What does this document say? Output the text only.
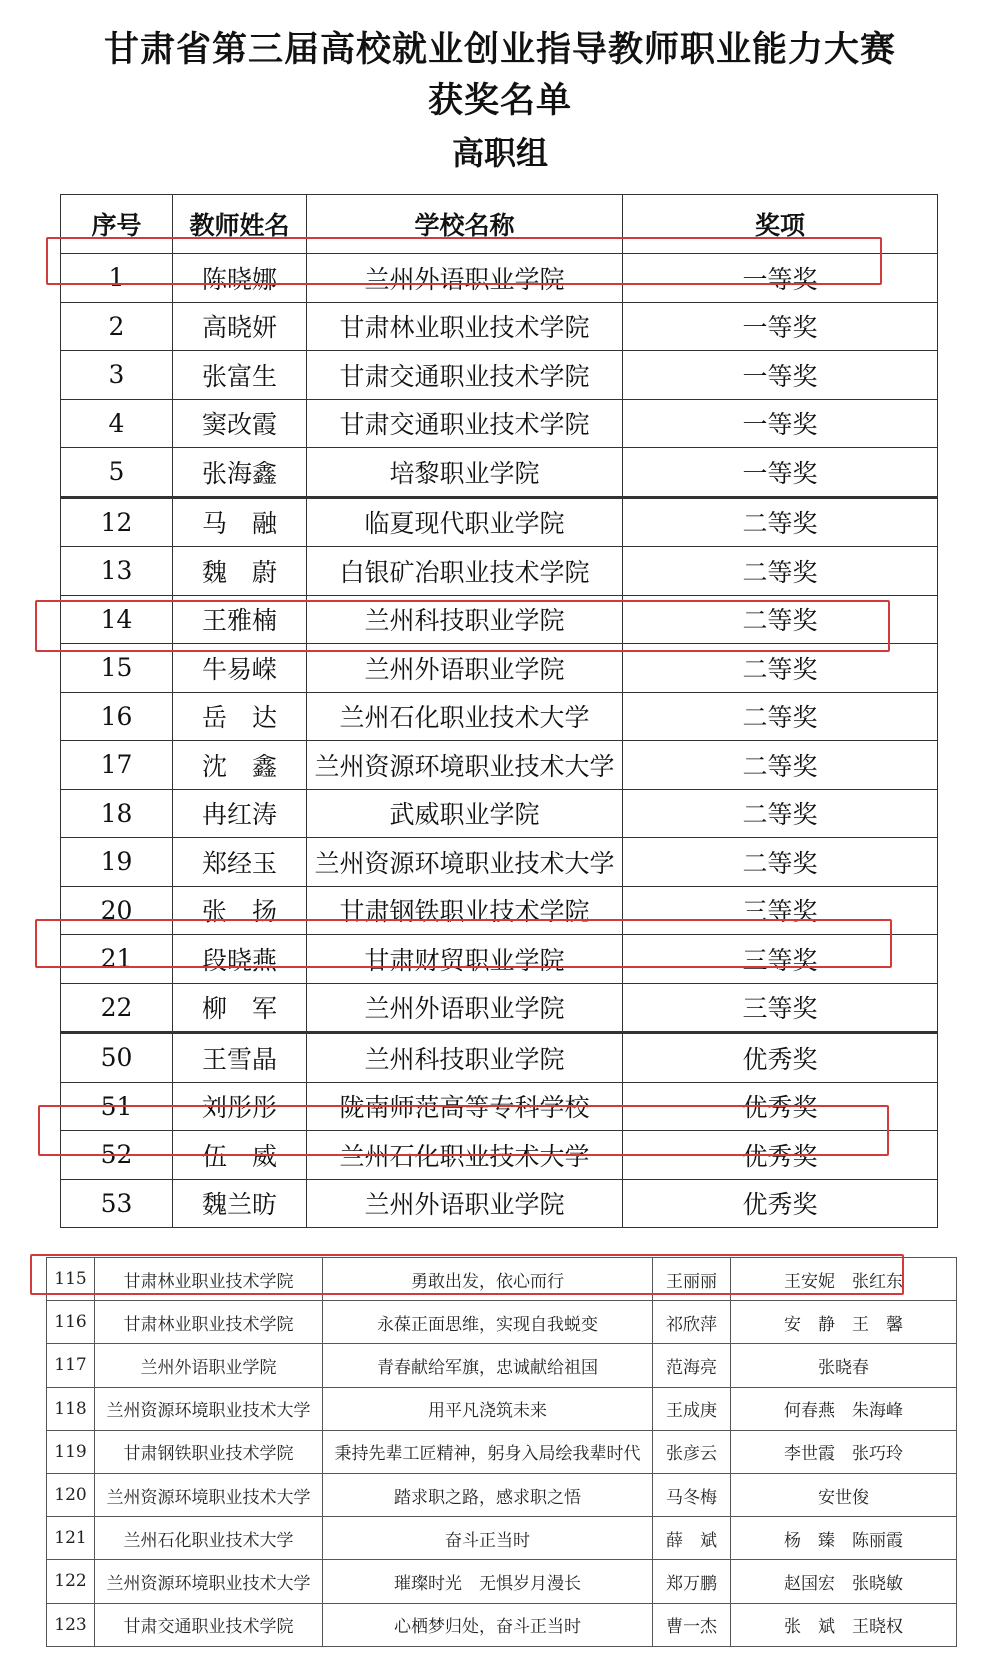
甘肃省第三届高校就业创业指导教师职业能力大赛
获奖名单
高职组
序号	教师姓名	学校名称	奖项
1	陈晓娜	兰州外语职业学院	一等奖
2	高晓妍	甘肃林业职业技术学院	一等奖
3	张富生	甘肃交通职业技术学院	一等奖
4	窦改霞	甘肃交通职业技术学院	一等奖
5	张海鑫	培黎职业学院	一等奖
12	马　融	临夏现代职业学院	二等奖
13	魏　蔚	白银矿冶职业技术学院	二等奖
14	王雅楠	兰州科技职业学院	二等奖
15	牛易嵘	兰州外语职业学院	二等奖
16	岳　达	兰州石化职业技术大学	二等奖
17	沈　鑫	兰州资源环境职业技术大学	二等奖
18	冉红涛	武威职业学院	二等奖
19	郑经玉	兰州资源环境职业技术大学	二等奖
20	张　扬	甘肃钢铁职业技术学院	三等奖
21	段晓燕	甘肃财贸职业学院	三等奖
22	柳　军	兰州外语职业学院	三等奖
50	王雪晶	兰州科技职业学院	优秀奖
51	刘彤彤	陇南师范高等专科学校	优秀奖
52	伍　威	兰州石化职业技术大学	优秀奖
53	魏兰昉	兰州外语职业学院	优秀奖
115	甘肃林业职业技术学院	勇敢出发，依心而行	王丽丽	王安妮　张红东
116	甘肃林业职业技术学院	永葆正面思维，实现自我蜕变	祁欣萍	安　静　王　馨
117	兰州外语职业学院	青春献给军旗，忠诚献给祖国	范海亮	张晓春
118	兰州资源环境职业技术大学	用平凡浇筑未来	王成庚	何春燕　朱海峰
119	甘肃钢铁职业技术学院	秉持先辈工匠精神，躬身入局绘我辈时代	张彦云	李世霞　张巧玲
120	兰州资源环境职业技术大学	踏求职之路，感求职之悟	马冬梅	安世俊
121	兰州石化职业技术大学	奋斗正当时	薛　斌	杨　臻　陈丽霞
122	兰州资源环境职业技术大学	璀璨时光　无惧岁月漫长	郑万鹏	赵国宏　张晓敏
123	甘肃交通职业技术学院	心栖梦归处，奋斗正当时	曹一杰	张　斌　王晓权
